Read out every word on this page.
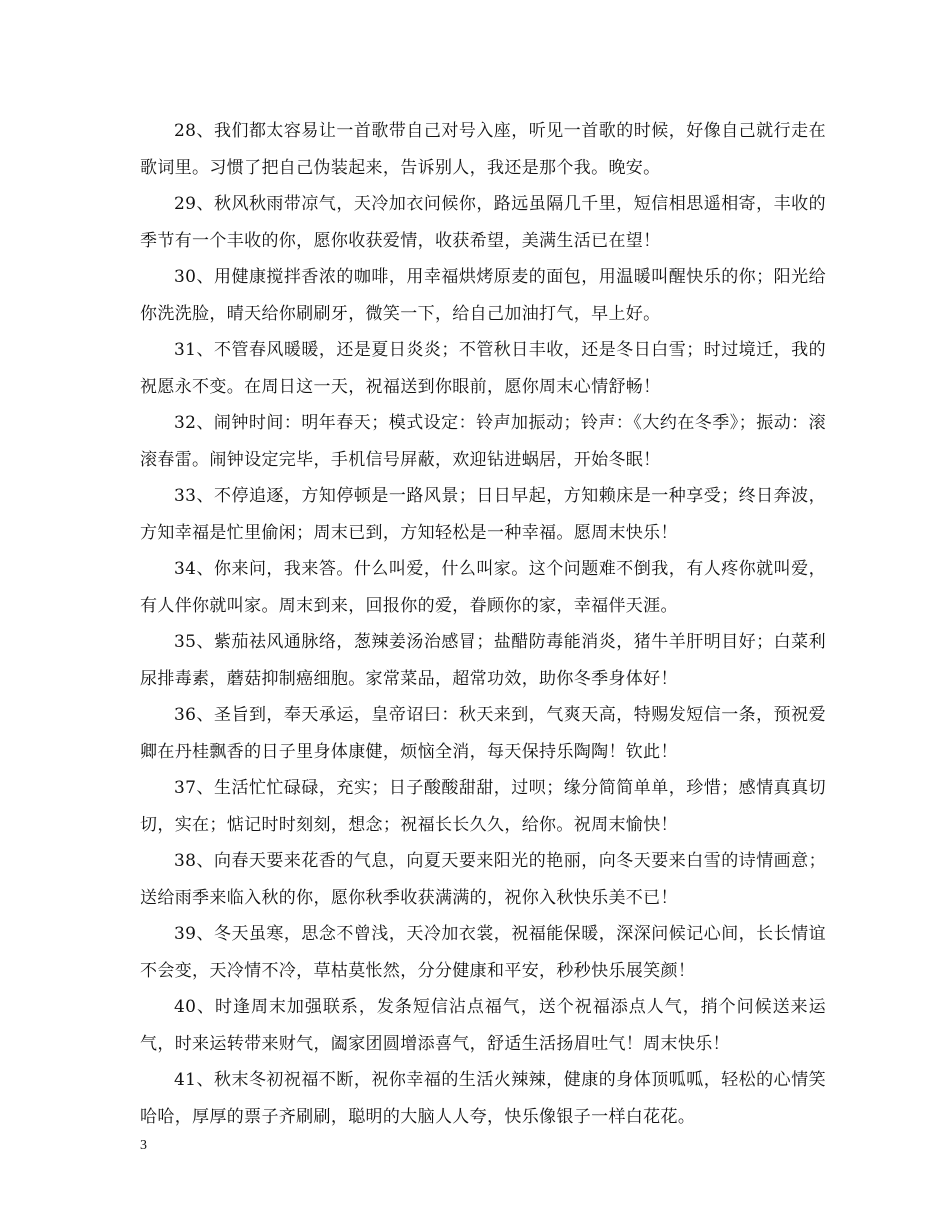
28、我们都太容易让一首歌带自己对号入座，听见一首歌的时候，好像自己就行走在歌词里。习惯了把自己伪装起来，告诉别人，我还是那个我。晚安。

29、秋风秋雨带凉气，天冷加衣问候你，路远虽隔几千里，短信相思遥相寄，丰收的季节有一个丰收的你，愿你收获爱情，收获希望，美满生活已在望！

30、用健康搅拌香浓的咖啡，用幸福烘烤原麦的面包，用温暖叫醒快乐的你；阳光给你洗洗脸，晴天给你刷刷牙，微笑一下，给自己加油打气，早上好。

31、不管春风暖暖，还是夏日炎炎；不管秋日丰收，还是冬日白雪；时过境迁，我的祝愿永不变。在周日这一天，祝福送到你眼前，愿你周末心情舒畅！

32、闹钟时间：明年春天；模式设定：铃声加振动；铃声：《大约在冬季》；振动：滚滚春雷。闹钟设定完毕，手机信号屏蔽，欢迎钻进蜗居，开始冬眠！

33、不停追逐，方知停顿是一路风景；日日早起，方知赖床是一种享受；终日奔波，方知幸福是忙里偷闲；周末已到，方知轻松是一种幸福。愿周末快乐！

34、你来问，我来答。什么叫爱，什么叫家。这个问题难不倒我，有人疼你就叫爱，有人伴你就叫家。周末到来，回报你的爱，眷顾你的家，幸福伴天涯。

35、紫茄祛风通脉络，葱辣姜汤治感冒；盐醋防毒能消炎，猪牛羊肝明目好；白菜利尿排毒素，蘑菇抑制癌细胞。家常菜品，超常功效，助你冬季身体好！

36、圣旨到，奉天承运，皇帝诏曰：秋天来到，气爽天高，特赐发短信一条，预祝爱卿在丹桂飘香的日子里身体康健，烦恼全消，每天保持乐陶陶！钦此！

37、生活忙忙碌碌，充实；日子酸酸甜甜，过呗；缘分简简单单，珍惜；感情真真切切，实在；惦记时时刻刻，想念；祝福长长久久，给你。祝周末愉快！

38、向春天要来花香的气息，向夏天要来阳光的艳丽，向冬天要来白雪的诗情画意；送给雨季来临入秋的你，愿你秋季收获满满的，祝你入秋快乐美不已！

39、冬天虽寒，思念不曾浅，天冷加衣裳，祝福能保暖，深深问候记心间，长长情谊不会变，天冷情不冷，草枯莫怅然，分分健康和平安，秒秒快乐展笑颜！

40、时逢周末加强联系，发条短信沾点福气，送个祝福添点人气，捎个问候送来运气，时来运转带来财气，阖家团圆增添喜气，舒适生活扬眉吐气！周末快乐！

41、秋末冬初祝福不断，祝你幸福的生活火辣辣，健康的身体顶呱呱，轻松的心情笑哈哈，厚厚的票子齐刷刷，聪明的大脑人人夸，快乐像银子一样白花花。

3
